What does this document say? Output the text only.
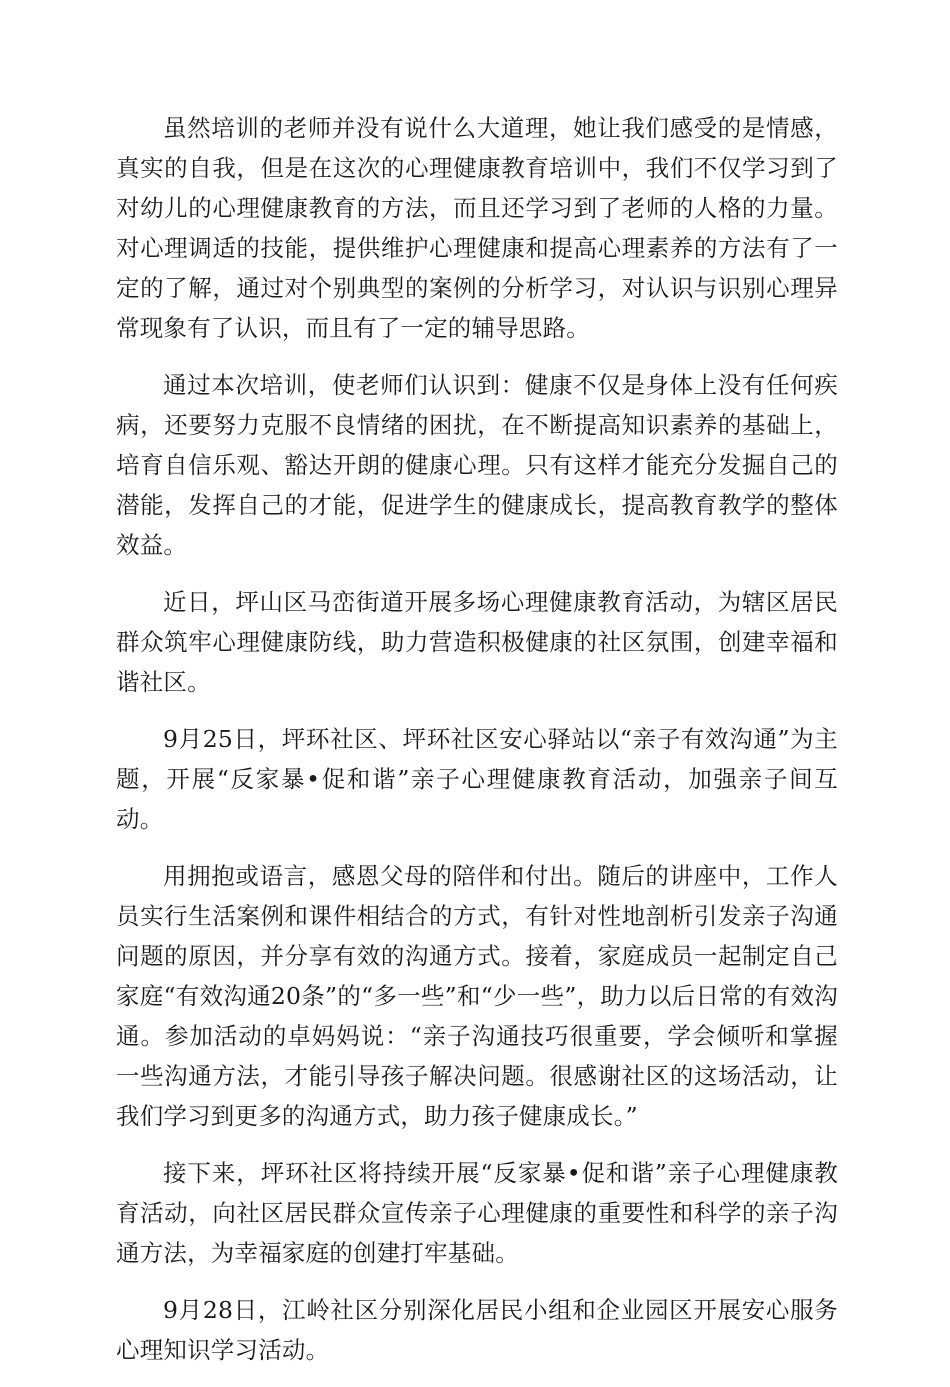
虽然培训的老师并没有说什么大道理，她让我们感受的是情感，真实的自我，但是在这次的心理健康教育培训中，我们不仅学习到了对幼儿的心理健康教育的方法，而且还学习到了老师的人格的力量。对心理调适的技能，提供维护心理健康和提高心理素养的方法有了一定的了解，通过对个别典型的案例的分析学习，对认识与识别心理异常现象有了认识，而且有了一定的辅导思路。

通过本次培训，使老师们认识到：健康不仅是身体上没有任何疾病，还要努力克服不良情绪的困扰，在不断提高知识素养的基础上，培育自信乐观、豁达开朗的健康心理。只有这样才能充分发掘自己的潜能，发挥自己的才能，促进学生的健康成长，提高教育教学的整体效益。

近日，坪山区马峦街道开展多场心理健康教育活动，为辖区居民群众筑牢心理健康防线，助力营造积极健康的社区氛围，创建幸福和谐社区。

9月25日，坪环社区、坪环社区安心驿站以“亲子有效沟通”为主题，开展“反家暴•促和谐”亲子心理健康教育活动，加强亲子间互动。

用拥抱或语言，感恩父母的陪伴和付出。随后的讲座中，工作人员实行生活案例和课件相结合的方式，有针对性地剖析引发亲子沟通问题的原因，并分享有效的沟通方式。接着，家庭成员一起制定自己家庭“有效沟通20条”的“多一些”和“少一些”，助力以后日常的有效沟通。参加活动的卓妈妈说：“亲子沟通技巧很重要，学会倾听和掌握一些沟通方法，才能引导孩子解决问题。很感谢社区的这场活动，让我们学习到更多的沟通方式，助力孩子健康成长。”

接下来，坪环社区将持续开展“反家暴•促和谐”亲子心理健康教育活动，向社区居民群众宣传亲子心理健康的重要性和科学的亲子沟通方法，为幸福家庭的创建打牢基础。

9月28日，江岭社区分别深化居民小组和企业园区开展安心服务心理知识学习活动。
